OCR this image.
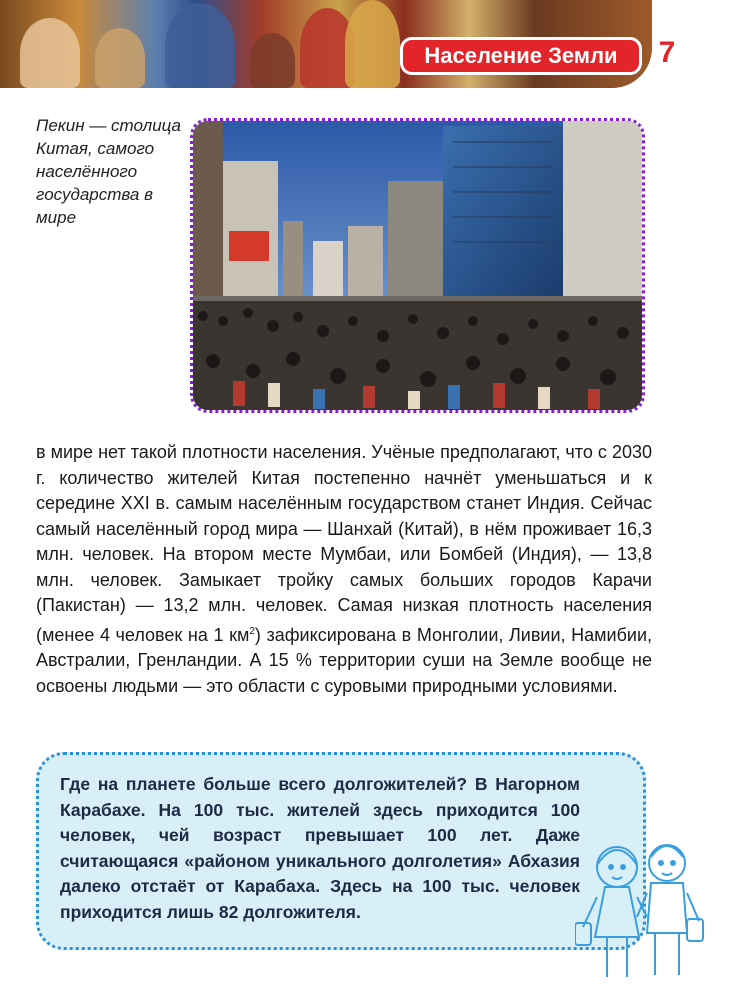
Население Земли	7
Пекин — столица Китая, самого населённого государства в мире
в мире нет такой плотности населения. Учёные предполагают, что с 2030 г. количество жителей Китая постепенно начнёт уменьшаться и к середине XXI в. самым населённым государством станет Индия. Сейчас самый населённый город мира — Шанхай (Китай), в нём проживает 16,3 млн. человек. На втором месте Мумбаи, или Бомбей (Индия), — 13,8 млн. человек. Замыкает тройку самых больших городов Карачи (Пакистан) — 13,2 млн. человек. Самая низкая плотность населения (менее 4 человек на 1 $км^2$) зафиксирована в Монголии, Ливии, Намибии, Австралии, Гренландии. А 15 % территории суши на Земле вообще не освоены людьми — это области с суровыми природными условиями.
Где на планете больше всего долгожителей? В Нагорном Карабахе. На 100 тыс. жителей здесь приходится 100 человек, чей возраст превышает 100 лет. Даже считающаяся «районом уникального долголетия» Абхазия далеко отстаёт от Карабаха. Здесь на 100 тыс. человек приходится лишь 82 долгожителя.
